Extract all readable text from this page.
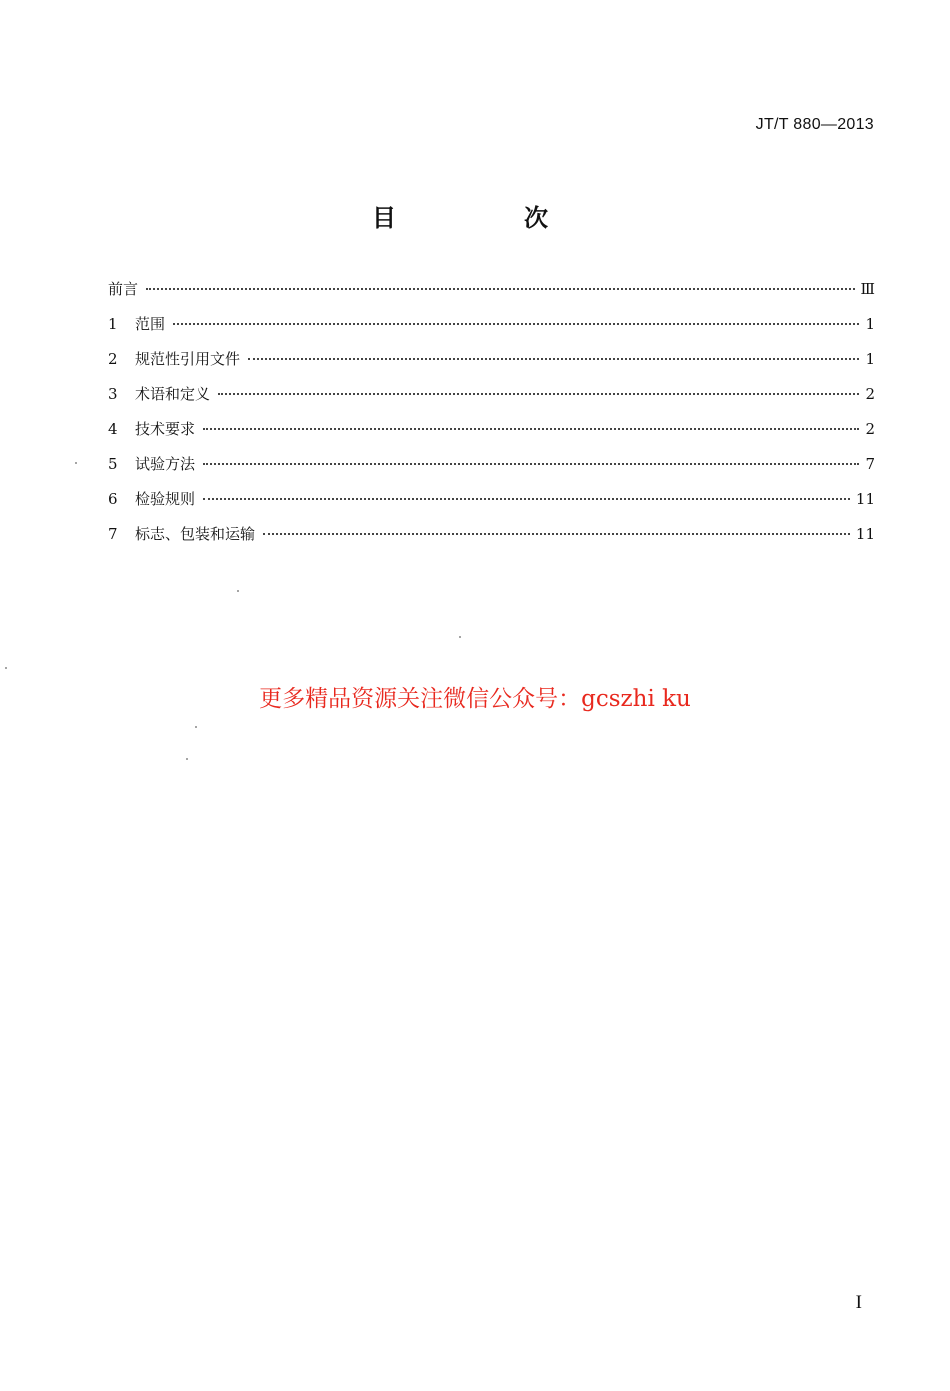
JT/T 880—2013
目　次
前言	Ⅲ
1	范围	1
2	规范性引用文件	1
3	术语和定义	2
4	技术要求	2
5	试验方法	7
6	检验规则	11
7	标志、包装和运输	11
更多精品资源关注微信公众号：gcszhi ku
I
